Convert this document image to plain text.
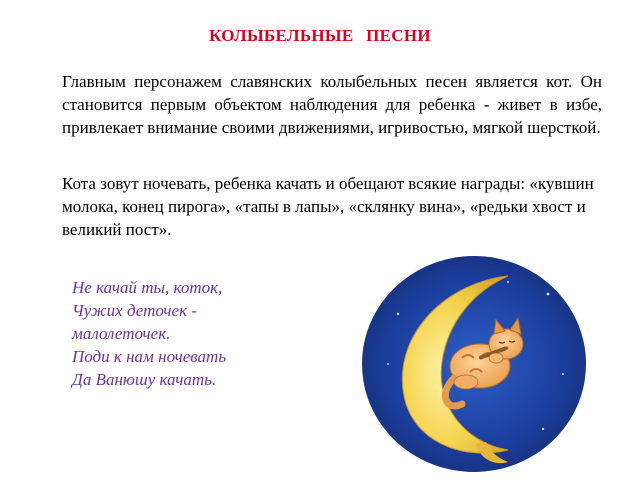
КОЛЫБЕЛЬНЫЕ ПЕСНИ
Главным персонажем славянских колыбельных песен является кот. Он становится первым объектом наблюдения для ребенка - живет в избе, привлекает внимание своими движениями, игривостью, мягкой шерсткой.
Кота зовут ночевать, ребенка качать и обещают всякие награды: «кувшин молока, конец пирога», «тапы в лапы», «склянку вина», «редьки хвост и великий пост».
Не качай ты, коток,
Чужих деточек -
малолеточек.
Поди к нам ночевать
Да Ванюшу качать.
